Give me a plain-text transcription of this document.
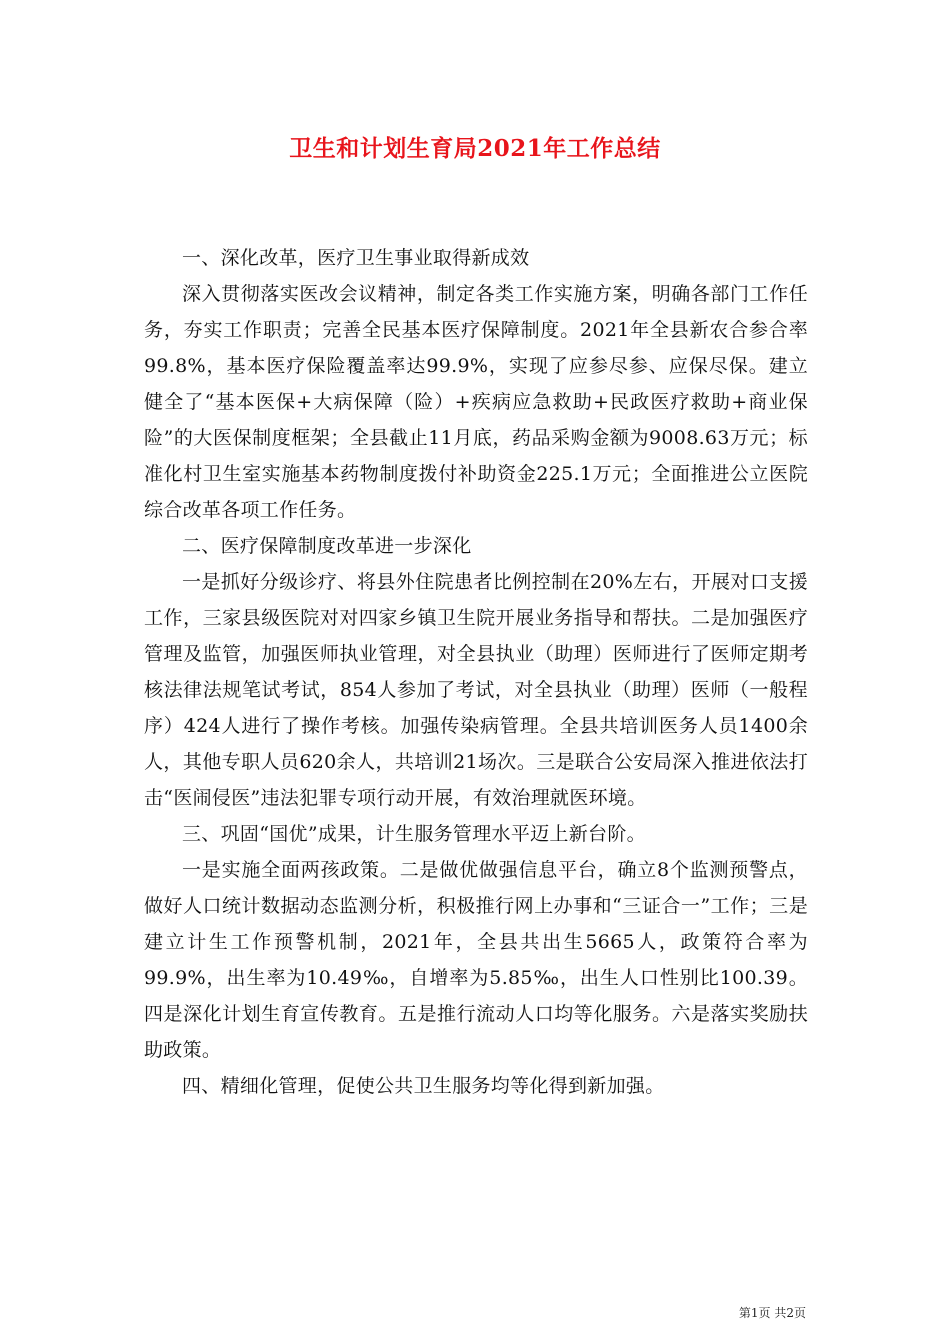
卫生和计划生育局2021年工作总结

一、深化改革，医疗卫生事业取得新成效

深入贯彻落实医改会议精神，制定各类工作实施方案，明确各部门工作任务，夯实工作职责；完善全民基本医疗保障制度。2021年全县新农合参合率99.8%，基本医疗保险覆盖率达99.9%，实现了应参尽参、应保尽保。建立健全了“基本医保+大病保障（险）+疾病应急救助+民政医疗救助+商业保险”的大医保制度框架；全县截止11月底，药品采购金额为9008.63万元；标准化村卫生室实施基本药物制度拨付补助资金225.1万元；全面推进公立医院综合改革各项工作任务。

二、医疗保障制度改革进一步深化

一是抓好分级诊疗、将县外住院患者比例控制在20%左右，开展对口支援工作，三家县级医院对对四家乡镇卫生院开展业务指导和帮扶。二是加强医疗管理及监管，加强医师执业管理，对全县执业（助理）医师进行了医师定期考核法律法规笔试考试，854人参加了考试，对全县执业（助理）医师（一般程序）424人进行了操作考核。加强传染病管理。全县共培训医务人员1400余人，其他专职人员620余人，共培训21场次。三是联合公安局深入推进依法打击“医闹侵医”违法犯罪专项行动开展，有效治理就医环境。

三、巩固“国优”成果，计生服务管理水平迈上新台阶。

一是实施全面两孩政策。二是做优做强信息平台，确立8个监测预警点，做好人口统计数据动态监测分析，积极推行网上办事和“三证合一”工作；三是建立计生工作预警机制，2021年，全县共出生5665人，政策符合率为99.9%，出生率为10.49‰，自增率为5.85‰，出生人口性别比100.39。四是深化计划生育宣传教育。五是推行流动人口均等化服务。六是落实奖励扶助政策。

四、精细化管理，促使公共卫生服务均等化得到新加强。

第1页 共2页
